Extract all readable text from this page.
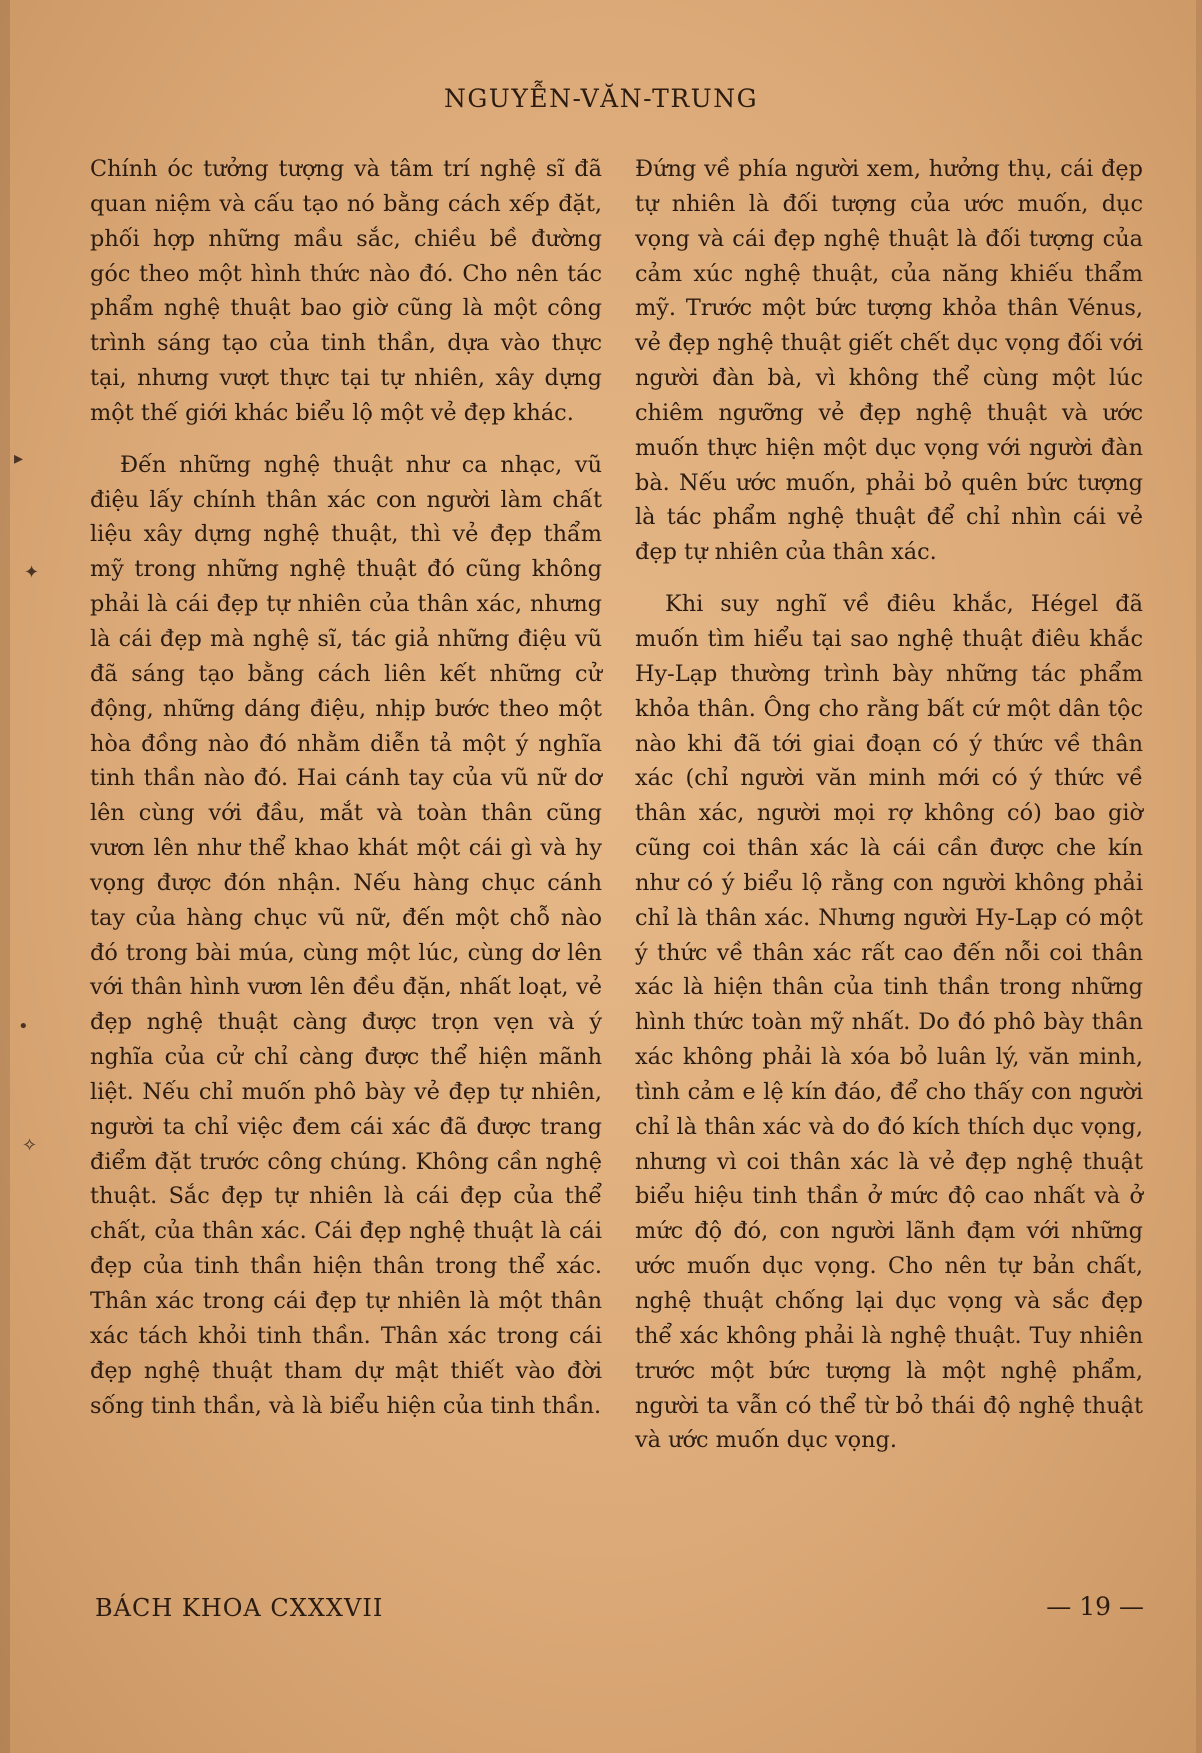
NGUYỄN-VĂN-TRUNG

Chính óc tưởng tượng và tâm trí nghệ sĩ đã quan niệm và cấu tạo nó bằng cách xếp đặt, phối hợp những mầu sắc, chiều bề đường góc theo một hình thức nào đó. Cho nên tác phẩm nghệ thuật bao giờ cũng là một công trình sáng tạo của tinh thần, dựa vào thực tại, nhưng vượt thực tại tự nhiên, xây dựng một thế giới khác biểu lộ một vẻ đẹp khác.

Đến những nghệ thuật như ca nhạc, vũ điệu lấy chính thân xác con người làm chất liệu xây dựng nghệ thuật, thì vẻ đẹp thẩm mỹ trong những nghệ thuật đó cũng không phải là cái đẹp tự nhiên của thân xác, nhưng là cái đẹp mà nghệ sĩ, tác giả những điệu vũ đã sáng tạo bằng cách liên kết những cử động, những dáng điệu, nhịp bước theo một hòa đồng nào đó nhằm diễn tả một ý nghĩa tinh thần nào đó. Hai cánh tay của vũ nữ dơ lên cùng với đầu, mắt và toàn thân cũng vươn lên như thể khao khát một cái gì và hy vọng được đón nhận. Nếu hàng chục cánh tay của hàng chục vũ nữ, đến một chỗ nào đó trong bài múa, cùng một lúc, cùng dơ lên với thân hình vươn lên đều đặn, nhất loạt, vẻ đẹp nghệ thuật càng được trọn vẹn và ý nghĩa của cử chỉ càng được thể hiện mãnh liệt. Nếu chỉ muốn phô bày vẻ đẹp tự nhiên, người ta chỉ việc đem cái xác đã được trang điểm đặt trước công chúng. Không cần nghệ thuật. Sắc đẹp tự nhiên là cái đẹp của thể chất, của thân xác. Cái đẹp nghệ thuật là cái đẹp của tinh thần hiện thân trong thể xác. Thân xác trong cái đẹp tự nhiên là một thân xác tách khỏi tinh thần. Thân xác trong cái đẹp nghệ thuật tham dự mật thiết vào đời sống tinh thần, và là biểu hiện của tinh thần.

Đứng về phía người xem, hưởng thụ, cái đẹp tự nhiên là đối tượng của ước muốn, dục vọng và cái đẹp nghệ thuật là đối tượng của cảm xúc nghệ thuật, của năng khiếu thẩm mỹ. Trước một bức tượng khỏa thân Vénus, vẻ đẹp nghệ thuật giết chết dục vọng đối với người đàn bà, vì không thể cùng một lúc chiêm ngưỡng vẻ đẹp nghệ thuật và ước muốn thực hiện một dục vọng với người đàn bà. Nếu ước muốn, phải bỏ quên bức tượng là tác phẩm nghệ thuật để chỉ nhìn cái vẻ đẹp tự nhiên của thân xác.

Khi suy nghĩ về điêu khắc, Hégel đã muốn tìm hiểu tại sao nghệ thuật điêu khắc Hy-Lạp thường trình bày những tác phẩm khỏa thân. Ông cho rằng bất cứ một dân tộc nào khi đã tới giai đoạn có ý thức về thân xác (chỉ người văn minh mới có ý thức về thân xác, người mọi rợ không có) bao giờ cũng coi thân xác là cái cần được che kín như có ý biểu lộ rằng con người không phải chỉ là thân xác. Nhưng người Hy-Lạp có một ý thức về thân xác rất cao đến nỗi coi thân xác là hiện thân của tinh thần trong những hình thức toàn mỹ nhất. Do đó phô bày thân xác không phải là xóa bỏ luân lý, văn minh, tình cảm e lệ kín đáo, để cho thấy con người chỉ là thân xác và do đó kích thích dục vọng, nhưng vì coi thân xác là vẻ đẹp nghệ thuật biểu hiệu tinh thần ở mức độ cao nhất và ở mức độ đó, con người lãnh đạm với những ước muốn dục vọng. Cho nên tự bản chất, nghệ thuật chống lại dục vọng và sắc đẹp thể xác không phải là nghệ thuật. Tuy nhiên trước một bức tượng là một nghệ phẩm, người ta vẫn có thể từ bỏ thái độ nghệ thuật và ước muốn dục vọng.

BÁCH KHOA CXXXVII	— 19 —
▸
✦
•
✧
